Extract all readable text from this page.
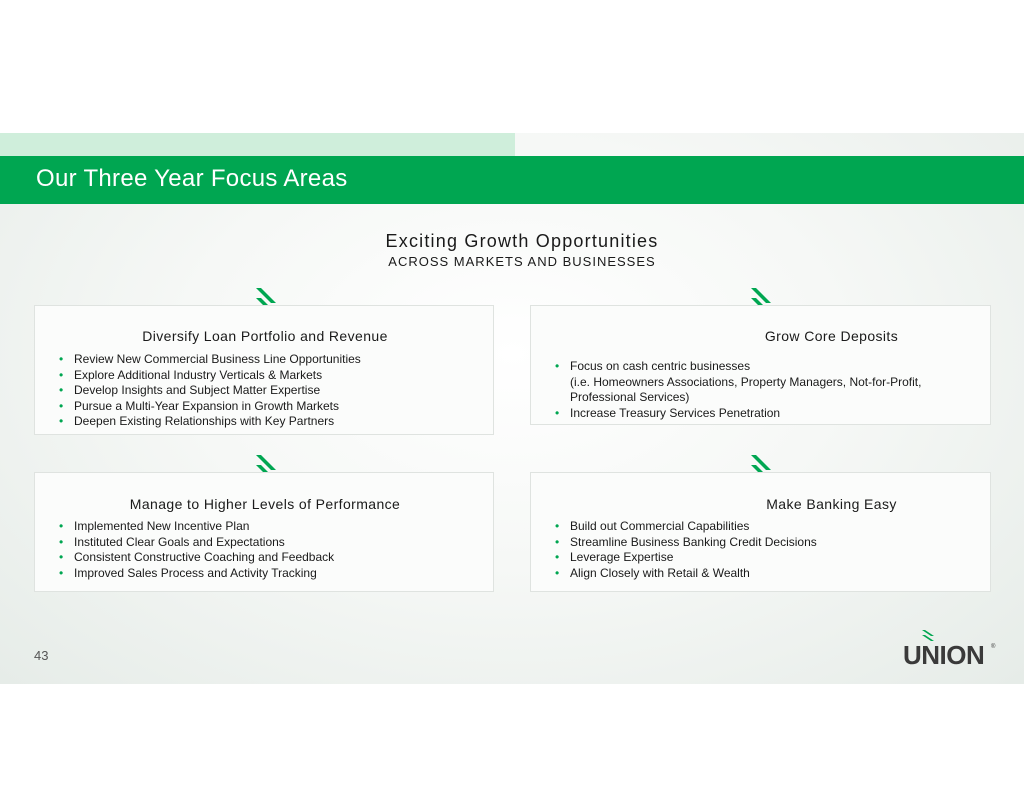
Our Three Year Focus Areas
Exciting Growth Opportunities
ACROSS MARKETS AND BUSINESSES
Diversify Loan Portfolio and Revenue
• Review New Commercial Business Line Opportunities
• Explore Additional Industry Verticals & Markets
• Develop Insights and Subject Matter Expertise
• Pursue a Multi-Year Expansion in Growth Markets
• Deepen Existing Relationships with Key Partners
Grow Core Deposits
• Focus on cash centric businesses
(i.e. Homeowners Associations, Property Managers, Not-for-Profit,
Professional Services)
• Increase Treasury Services Penetration
Manage to Higher Levels of Performance
• Implemented New Incentive Plan
• Instituted Clear Goals and Expectations
• Consistent Constructive Coaching and Feedback
• Improved Sales Process and Activity Tracking
Make Banking Easy
• Build out Commercial Capabilities
• Streamline Business Banking Credit Decisions
• Leverage Expertise
• Align Closely with Retail & Wealth
43	UNION ®
